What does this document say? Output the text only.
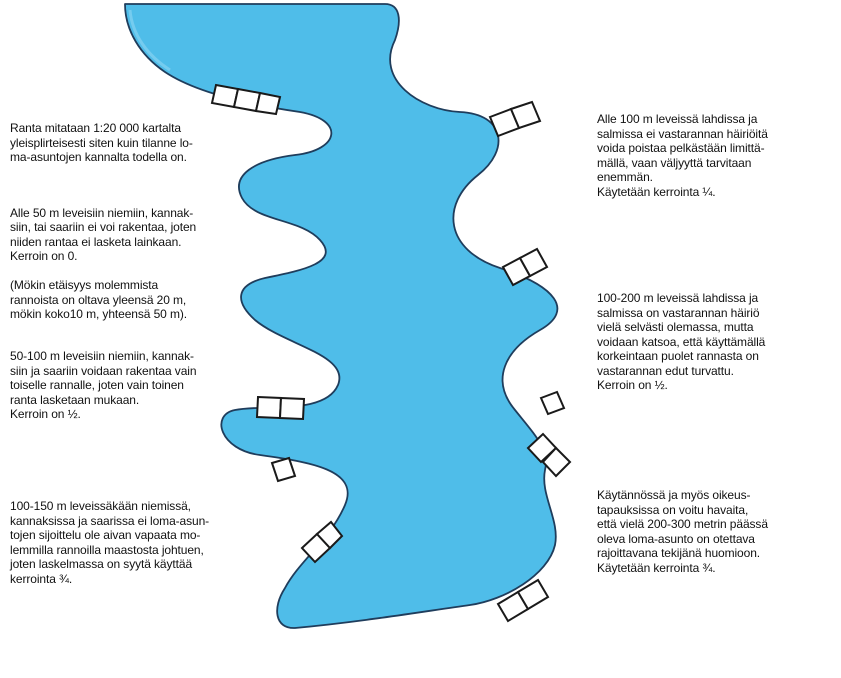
Ranta mitataan 1:20 000 kartalta
yleisplirteisesti siten kuin tilanne lo-
ma-asuntojen kannalta todella on.

Alle 50 m leveisiin niemiin, kannak-
siin, tai saariin ei voi rakentaa, joten
niiden rantaa ei lasketa lainkaan.
Kerroin on 0.

(Mökin etäisyys molemmista
rannoista on oltava yleensä 20 m,
mökin koko10 m, yhteensä 50 m).

50-100 m leveisiin niemiin, kannak-
siin ja saariin voidaan rakentaa vain
toiselle rannalle, joten vain toinen
ranta lasketaan mukaan.
Kerroin on ½.

100-150 m leveissäkään niemissä,
kannaksissa ja saarissa ei loma-asun-
tojen sijoittelu ole aivan vapaata mo-
lemmilla rannoilla maastosta johtuen,
joten laskelmassa on syytä käyttää
kerrointa ¾.

Alle 100 m leveissä lahdissa ja
salmissa ei vastarannan häiriöitä
voida poistaa pelkästään limittä-
mällä, vaan väljyyttä tarvitaan
enemmän.
Käytetään kerrointa ¼.

100-200 m leveissä lahdissa ja
salmissa on vastarannan häiriö
vielä selvästi olemassa, mutta
voidaan katsoa, että käyttämällä
korkeintaan puolet rannasta on
vastarannan edut turvattu.
Kerroin on ½.

Käytännössä ja myös oikeus-
tapauksissa on voitu havaita,
että vielä 200-300 metrin päässä
oleva loma-asunto on otettava
rajoittavana tekijänä huomioon.
Käytetään kerrointa ¾.
